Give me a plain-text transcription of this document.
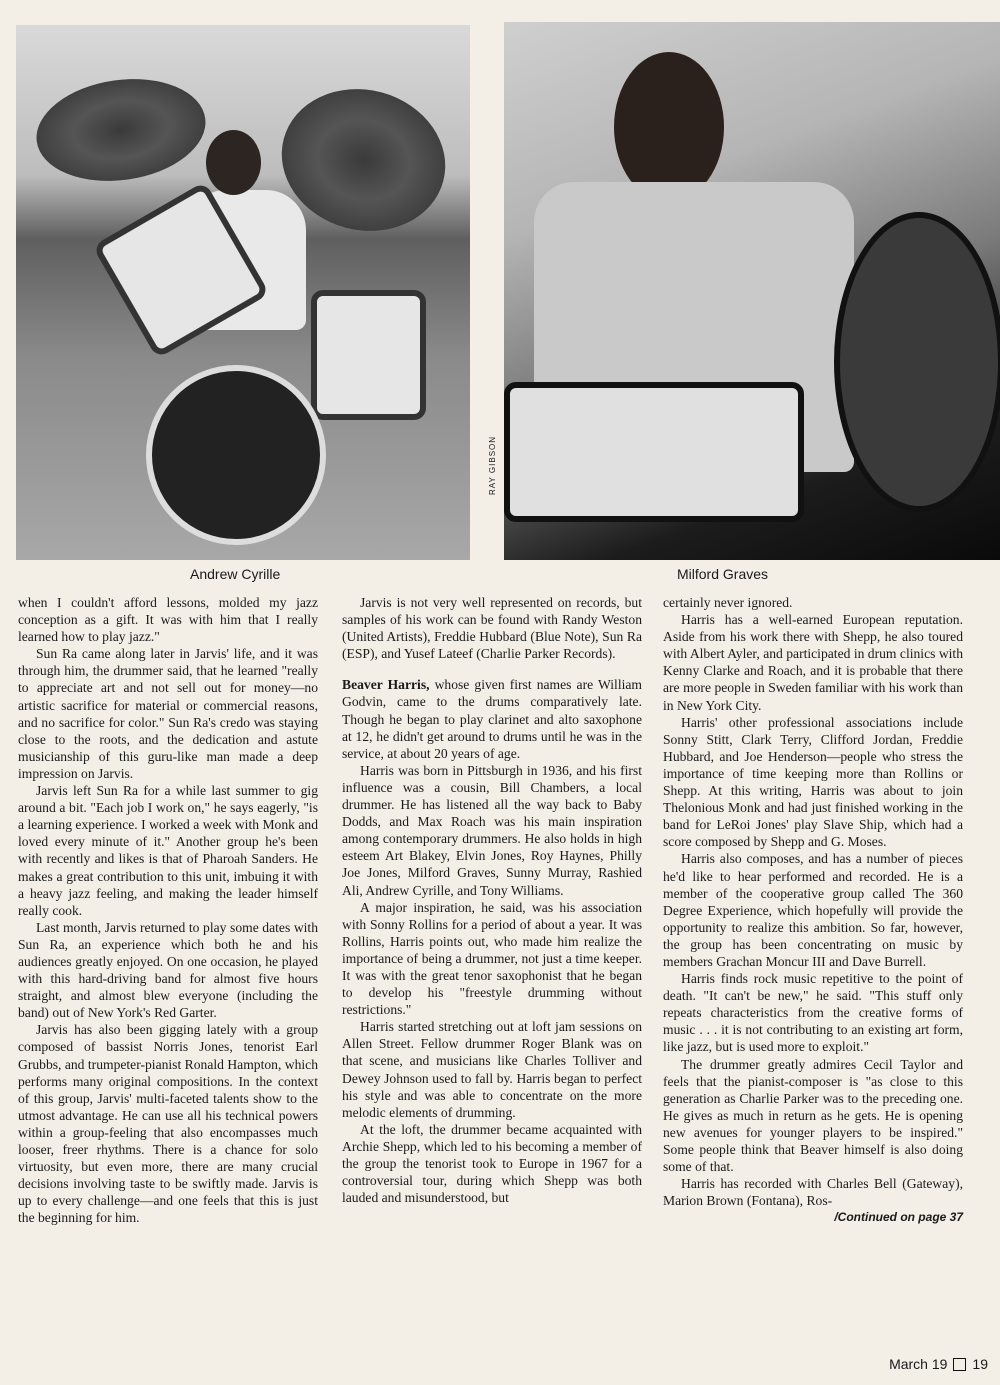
RAY GIBSON
Andrew Cyrille	Milford Graves

when I couldn't afford lessons, molded my jazz conception as a gift. It was with him that I really learned how to play jazz."

Sun Ra came along later in Jarvis' life, and it was through him, the drummer said, that he learned "really to appreciate art and not sell out for money—no artistic sacrifice for material or commercial reasons, and no sacrifice for color." Sun Ra's credo was staying close to the roots, and the dedication and astute musicianship of this guru-like man made a deep impression on Jarvis.

Jarvis left Sun Ra for a while last summer to gig around a bit. "Each job I work on," he says eagerly, "is a learning experience. I worked a week with Monk and loved every minute of it." Another group he's been with recently and likes is that of Pharoah Sanders. He makes a great contribution to this unit, imbuing it with a heavy jazz feeling, and making the leader himself really cook.

Last month, Jarvis returned to play some dates with Sun Ra, an experience which both he and his audiences greatly enjoyed. On one occasion, he played with this hard-driving band for almost five hours straight, and almost blew everyone (including the band) out of New York's Red Garter.

Jarvis has also been gigging lately with a group composed of bassist Norris Jones, tenorist Earl Grubbs, and trumpeter-pianist Ronald Hampton, which performs many original compositions. In the context of this group, Jarvis' multi-faceted talents show to the utmost advantage. He can use all his technical powers within a group-feeling that also encompasses much looser, freer rhythms. There is a chance for solo virtuosity, but even more, there are many crucial decisions involving taste to be swiftly made. Jarvis is up to every challenge—and one feels that this is just the beginning for him.

Jarvis is not very well represented on records, but samples of his work can be found with Randy Weston (United Artists), Freddie Hubbard (Blue Note), Sun Ra (ESP), and Yusef Lateef (Charlie Parker Records).

Beaver Harris, whose given first names are William Godvin, came to the drums comparatively late. Though he began to play clarinet and alto saxophone at 12, he didn't get around to drums until he was in the service, at about 20 years of age.

Harris was born in Pittsburgh in 1936, and his first influence was a cousin, Bill Chambers, a local drummer. He has listened all the way back to Baby Dodds, and Max Roach was his main inspiration among contemporary drummers. He also holds in high esteem Art Blakey, Elvin Jones, Roy Haynes, Philly Joe Jones, Milford Graves, Sunny Murray, Rashied Ali, Andrew Cyrille, and Tony Williams.

A major inspiration, he said, was his association with Sonny Rollins for a period of about a year. It was Rollins, Harris points out, who made him realize the importance of being a drummer, not just a time keeper. It was with the great tenor saxophonist that he began to develop his "freestyle drumming without restrictions."

Harris started stretching out at loft jam sessions on Allen Street. Fellow drummer Roger Blank was on that scene, and musicians like Charles Tolliver and Dewey Johnson used to fall by. Harris began to perfect his style and was able to concentrate on the more melodic elements of drumming.

At the loft, the drummer became acquainted with Archie Shepp, which led to his becoming a member of the group the tenorist took to Europe in 1967 for a controversial tour, during which Shepp was both lauded and misunderstood, but

certainly never ignored.

Harris has a well-earned European reputation. Aside from his work there with Shepp, he also toured with Albert Ayler, and participated in drum clinics with Kenny Clarke and Roach, and it is probable that there are more people in Sweden familiar with his work than in New York City.

Harris' other professional associations include Sonny Stitt, Clark Terry, Clifford Jordan, Freddie Hubbard, and Joe Henderson—people who stress the importance of time keeping more than Rollins or Shepp. At this writing, Harris was about to join Thelonious Monk and had just finished working in the band for LeRoi Jones' play Slave Ship, which had a score composed by Shepp and G. Moses.

Harris also composes, and has a number of pieces he'd like to hear performed and recorded. He is a member of the cooperative group called The 360 Degree Experience, which hopefully will provide the opportunity to realize this ambition. So far, however, the group has been concentrating on music by members Grachan Moncur III and Dave Burrell.

Harris finds rock music repetitive to the point of death. "It can't be new," he said. "This stuff only repeats characteristics from the creative forms of music . . . it is not contributing to an existing art form, like jazz, but is used more to exploit."

The drummer greatly admires Cecil Taylor and feels that the pianist-composer is "as close to this generation as Charlie Parker was to the preceding one. He gives as much in return as he gets. He is opening new avenues for younger players to be inspired." Some people think that Beaver himself is also doing some of that.

Harris has recorded with Charles Bell (Gateway), Marion Brown (Fontana), Ros-

/Continued on page 37

March 19 19
